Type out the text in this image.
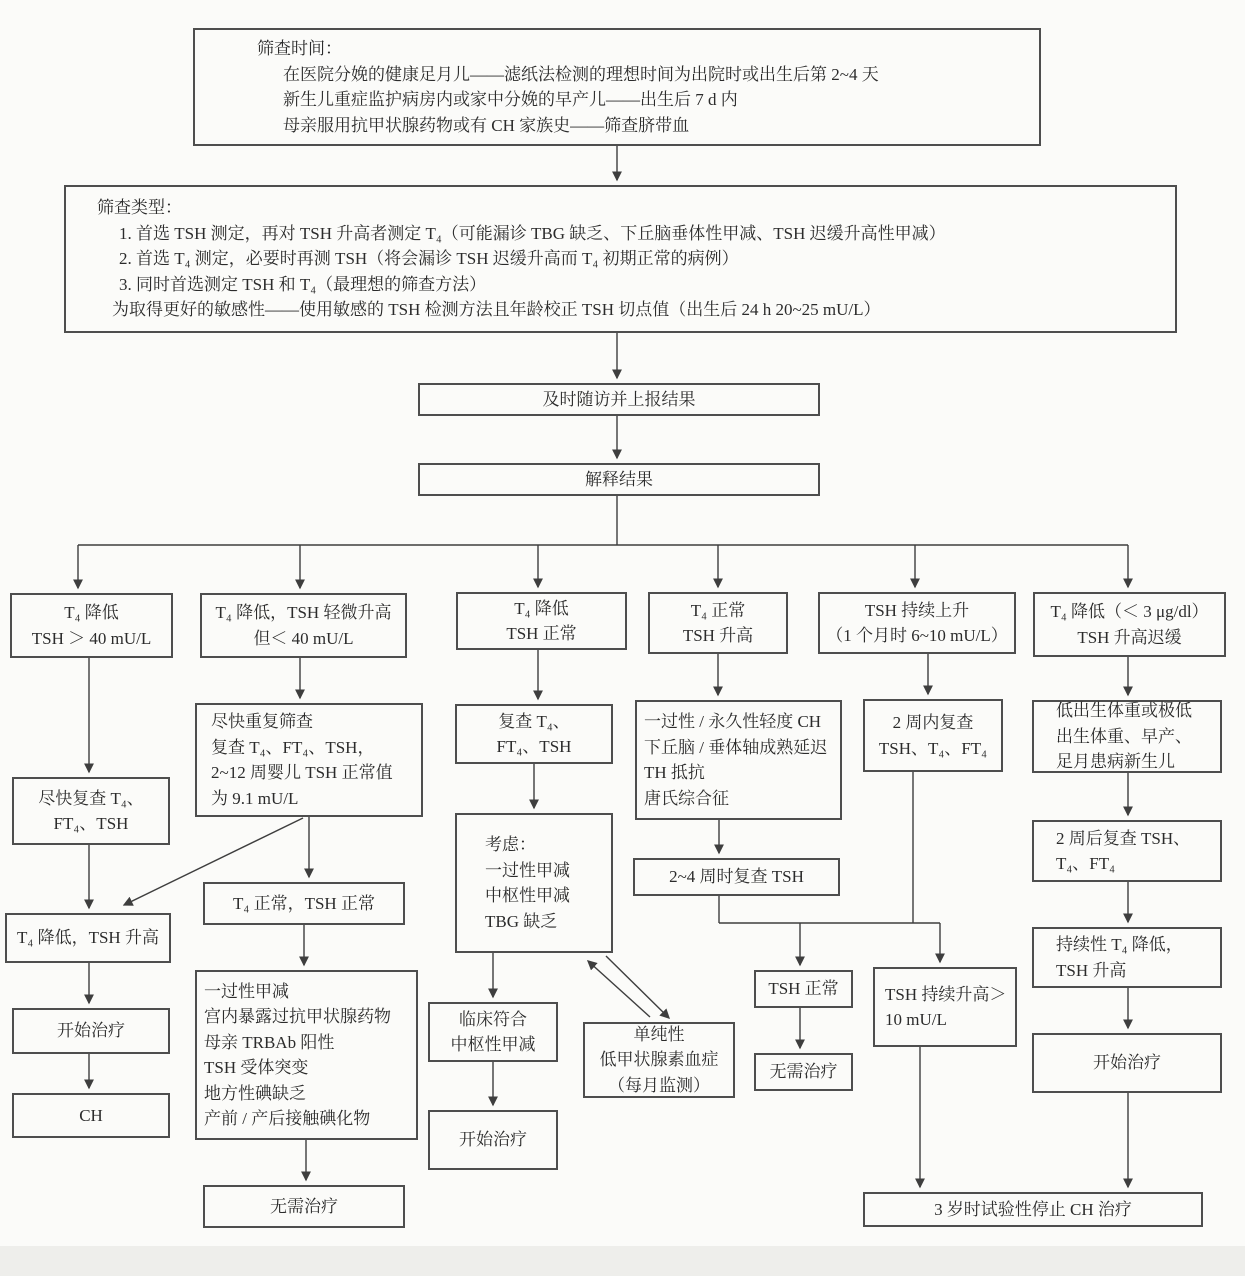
筛查时间：
在医院分娩的健康足月儿——滤纸法检测的理想时间为出院时或出生后第 2~4 天
新生儿重症监护病房内或家中分娩的早产儿——出生后 7 d 内
母亲服用抗甲状腺药物或有 CH 家族史——筛查脐带血
筛查类型：
1. 首选 TSH 测定，再对 TSH 升高者测定 T₄（可能漏诊 TBG 缺乏、下丘脑垂体性甲减、TSH 迟缓升高性甲减）
2. 首选 T₄ 测定，必要时再测 TSH（将会漏诊 TSH 迟缓升高而 T₄ 初期正常的病例）
3. 同时首选测定 TSH 和 T₄（最理想的筛查方法）
为取得更好的敏感性——使用敏感的 TSH 检测方法且年龄校正 TSH 切点值（出生后 24 h 20~25 mU/L）
及时随访并上报结果
解释结果
T₄ 降低
TSH ＞ 40 mU/L
T₄ 降低，TSH 轻微升高
但＜ 40 mU/L
T₄ 降低
TSH 正常
T₄ 正常
TSH 升高
TSH 持续上升
（1 个月时 6~10 mU/L）
T₄ 降低（＜ 3 μg/dl）
TSH 升高迟缓
尽快复查 T₄、
FT₄、TSH
T₄ 降低，TSH 升高
开始治疗
CH
尽快重复筛查
复查 T₄、FT₄、TSH，
2~12 周婴儿 TSH 正常值
为 9.1 mU/L
T₄ 正常，TSH 正常
一过性甲减
宫内暴露过抗甲状腺药物
母亲 TRBAb 阳性
TSH 受体突变
地方性碘缺乏
产前 / 产后接触碘化物
无需治疗
复查 T₄、
FT₄、TSH
考虑：
一过性甲减
中枢性甲减
TBG 缺乏
临床符合
中枢性甲减
开始治疗
单纯性
低甲状腺素血症
（每月监测）
一过性 / 永久性轻度 CH
下丘脑 / 垂体轴成熟延迟
TH 抵抗
唐氏综合征
2~4 周时复查 TSH
TSH 正常
无需治疗
TSH 持续升高＞
10 mU/L
2 周内复查
TSH、T₄、FT₄
低出生体重或极低
出生体重、早产、
足月患病新生儿
2 周后复查 TSH、
T₄、FT₄
持续性 T₄ 降低，
TSH 升高
开始治疗
3 岁时试验性停止 CH 治疗
